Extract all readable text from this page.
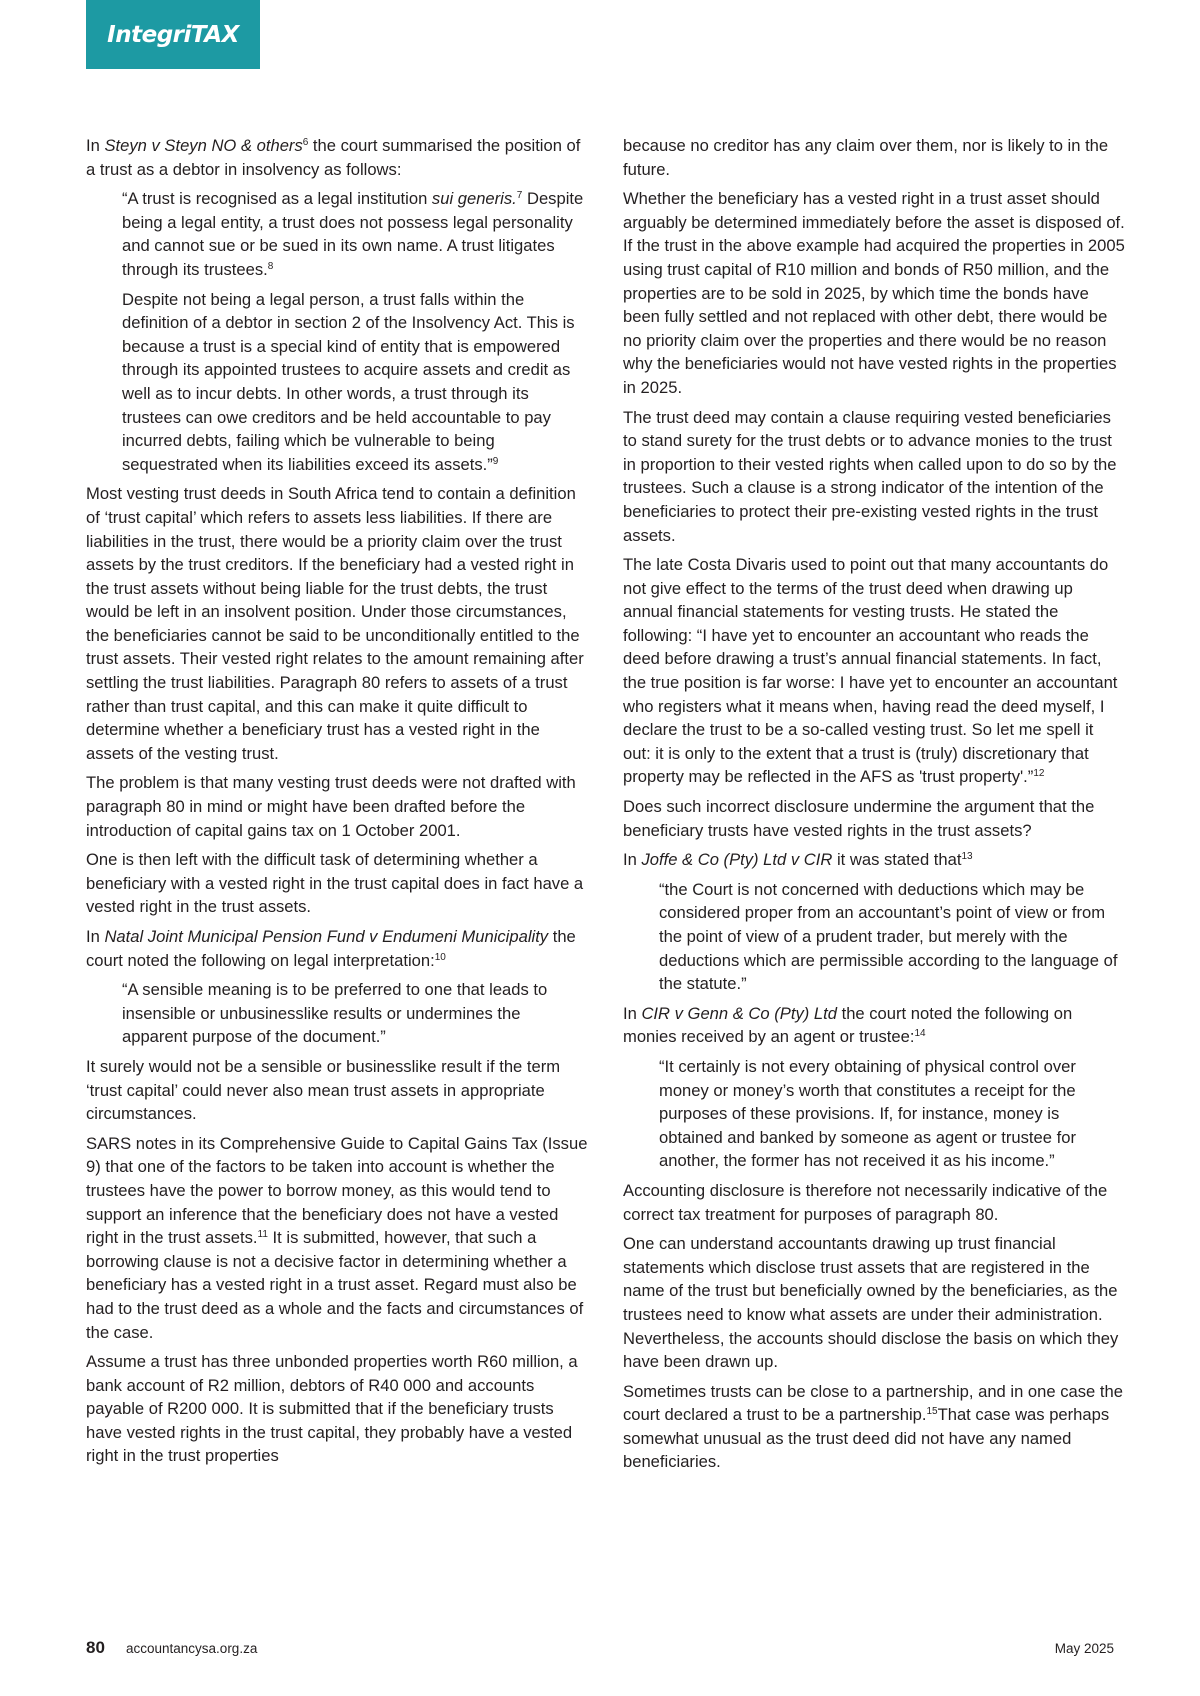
IntegriTAX

In Steyn v Steyn NO & others$^6$ the court summarised the position of a trust as a debtor in insolvency as follows:

“A trust is recognised as a legal institution sui generis.$^7$ Despite being a legal entity, a trust does not possess legal personality and cannot sue or be sued in its own name. A trust litigates through its trustees.$^8$

Despite not being a legal person, a trust falls within the definition of a debtor in section 2 of the Insolvency Act. This is because a trust is a special kind of entity that is empowered through its appointed trustees to acquire assets and credit as well as to incur debts. In other words, a trust through its trustees can owe creditors and be held accountable to pay incurred debts, failing which be vulnerable to being sequestrated when its liabilities exceed its assets.”$^9$

Most vesting trust deeds in South Africa tend to contain a definition of ‘trust capital’ which refers to assets less liabilities. If there are liabilities in the trust, there would be a priority claim over the trust assets by the trust creditors. If the beneficiary had a vested right in the trust assets without being liable for the trust debts, the trust would be left in an insolvent position. Under those circumstances, the beneficiaries cannot be said to be unconditionally entitled to the trust assets. Their vested right relates to the amount remaining after settling the trust liabilities. Paragraph 80 refers to assets of a trust rather than trust capital, and this can make it quite difficult to determine whether a beneficiary trust has a vested right in the assets of the vesting trust.

The problem is that many vesting trust deeds were not drafted with paragraph 80 in mind or might have been drafted before the introduction of capital gains tax on 1 October 2001.

One is then left with the difficult task of determining whether a beneficiary with a vested right in the trust capital does in fact have a vested right in the trust assets.

In Natal Joint Municipal Pension Fund v Endumeni Municipality the court noted the following on legal interpretation:$^{10}$

“A sensible meaning is to be preferred to one that leads to insensible or unbusinesslike results or undermines the apparent purpose of the document.”

It surely would not be a sensible or businesslike result if the term ‘trust capital’ could never also mean trust assets in appropriate circumstances.

SARS notes in its Comprehensive Guide to Capital Gains Tax (Issue 9) that one of the factors to be taken into account is whether the trustees have the power to borrow money, as this would tend to support an inference that the beneficiary does not have a vested right in the trust assets.$^{11}$ It is submitted, however, that such a borrowing clause is not a decisive factor in determining whether a beneficiary has a vested right in a trust asset. Regard must also be had to the trust deed as a whole and the facts and circumstances of the case.

Assume a trust has three unbonded properties worth R60 million, a bank account of R2 million, debtors of R40 000 and accounts payable of R200 000. It is submitted that if the beneficiary trusts have vested rights in the trust capital, they probably have a vested right in the trust properties

because no creditor has any claim over them, nor is likely to in the future.

Whether the beneficiary has a vested right in a trust asset should arguably be determined immediately before the asset is disposed of. If the trust in the above example had acquired the properties in 2005 using trust capital of R10 million and bonds of R50 million, and the properties are to be sold in 2025, by which time the bonds have been fully settled and not replaced with other debt, there would be no priority claim over the properties and there would be no reason why the beneficiaries would not have vested rights in the properties in 2025.

The trust deed may contain a clause requiring vested beneficiaries to stand surety for the trust debts or to advance monies to the trust in proportion to their vested rights when called upon to do so by the trustees. Such a clause is a strong indicator of the intention of the beneficiaries to protect their pre-existing vested rights in the trust assets.

The late Costa Divaris used to point out that many accountants do not give effect to the terms of the trust deed when drawing up annual financial statements for vesting trusts. He stated the following: “I have yet to encounter an accountant who reads the deed before drawing a trust’s annual financial statements. In fact, the true position is far worse: I have yet to encounter an accountant who registers what it means when, having read the deed myself, I declare the trust to be a so-called vesting trust. So let me spell it out: it is only to the extent that a trust is (truly) discretionary that property may be reflected in the AFS as 'trust property'.”$^{12}$

Does such incorrect disclosure undermine the argument that the beneficiary trusts have vested rights in the trust assets?

In Joffe & Co (Pty) Ltd v CIR it was stated that$^{13}$

“the Court is not concerned with deductions which may be considered proper from an accountant’s point of view or from the point of view of a prudent trader, but merely with the deductions which are permissible according to the language of the statute.”

In CIR v Genn & Co (Pty) Ltd the court noted the following on monies received by an agent or trustee:$^{14}$

“It certainly is not every obtaining of physical control over money or money’s worth that constitutes a receipt for the purposes of these provisions. If, for instance, money is obtained and banked by someone as agent or trustee for another, the former has not received it as his income.”

Accounting disclosure is therefore not necessarily indicative of the correct tax treatment for purposes of paragraph 80.

One can understand accountants drawing up trust financial statements which disclose trust assets that are registered in the name of the trust but beneficially owned by the beneficiaries, as the trustees need to know what assets are under their administration. Nevertheless, the accounts should disclose the basis on which they have been drawn up.

Sometimes trusts can be close to a partnership, and in one case the court declared a trust to be a partnership.$^{15}$That case was perhaps somewhat unusual as the trust deed did not have any named beneficiaries.

80 accountancysa.org.za	May 2025
